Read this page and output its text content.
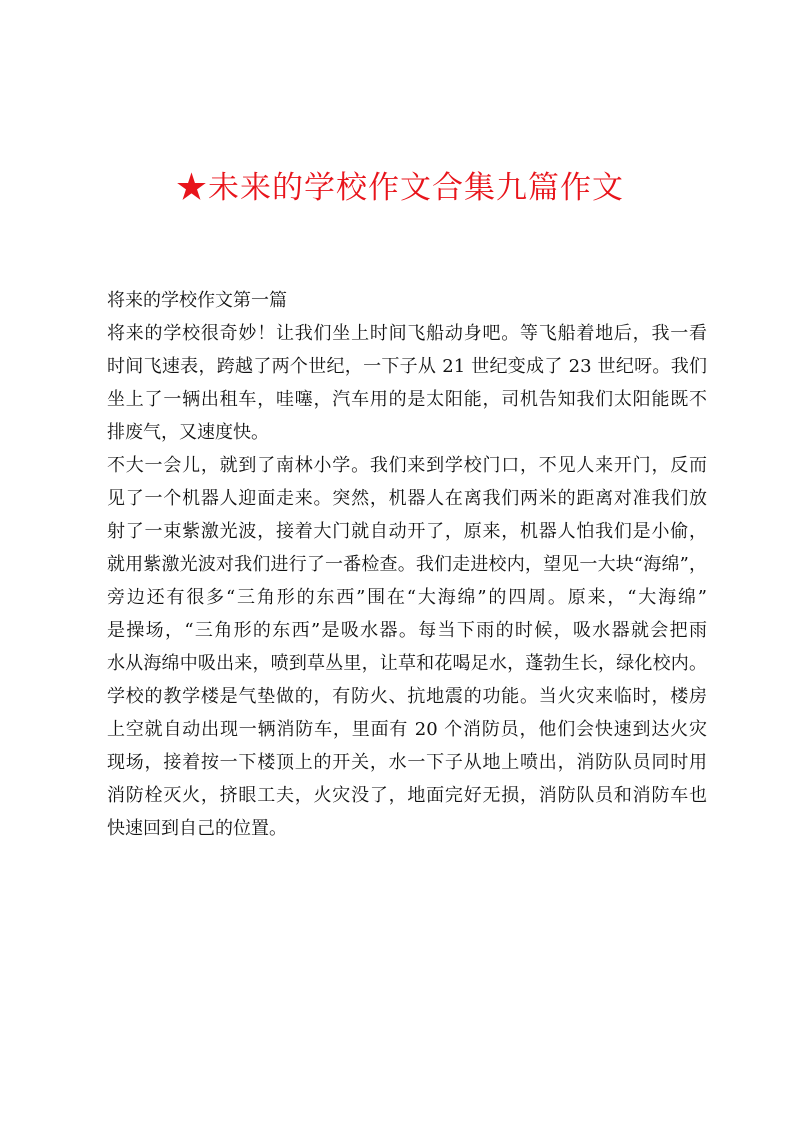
★未来的学校作文合集九篇作文
将来的学校作文第一篇
将来的学校很奇妙！让我们坐上时间飞船动身吧。等飞船着地后，我一看
时间飞速表，跨越了两个世纪，一下子从 21 世纪变成了 23 世纪呀。我们
坐上了一辆出租车，哇噻，汽车用的是太阳能，司机告知我们太阳能既不
排废气，又速度快。
不大一会儿，就到了南林小学。我们来到学校门口，不见人来开门，反而
见了一个机器人迎面走来。突然，机器人在离我们两米的距离对准我们放
射了一束紫激光波，接着大门就自动开了，原来，机器人怕我们是小偷，
就用紫激光波对我们进行了一番检查。我们走进校内，望见一大块“海绵”，
旁边还有很多“三角形的东西”围在“大海绵”的四周。原来，“大海绵”
是操场，“三角形的东西”是吸水器。每当下雨的时候，吸水器就会把雨
水从海绵中吸出来，喷到草丛里，让草和花喝足水，蓬勃生长，绿化校内。
学校的教学楼是气垫做的，有防火、抗地震的功能。当火灾来临时，楼房
上空就自动出现一辆消防车，里面有 20 个消防员，他们会快速到达火灾
现场，接着按一下楼顶上的开关，水一下子从地上喷出，消防队员同时用
消防栓灭火，挤眼工夫，火灾没了，地面完好无损，消防队员和消防车也
快速回到自己的位置。
